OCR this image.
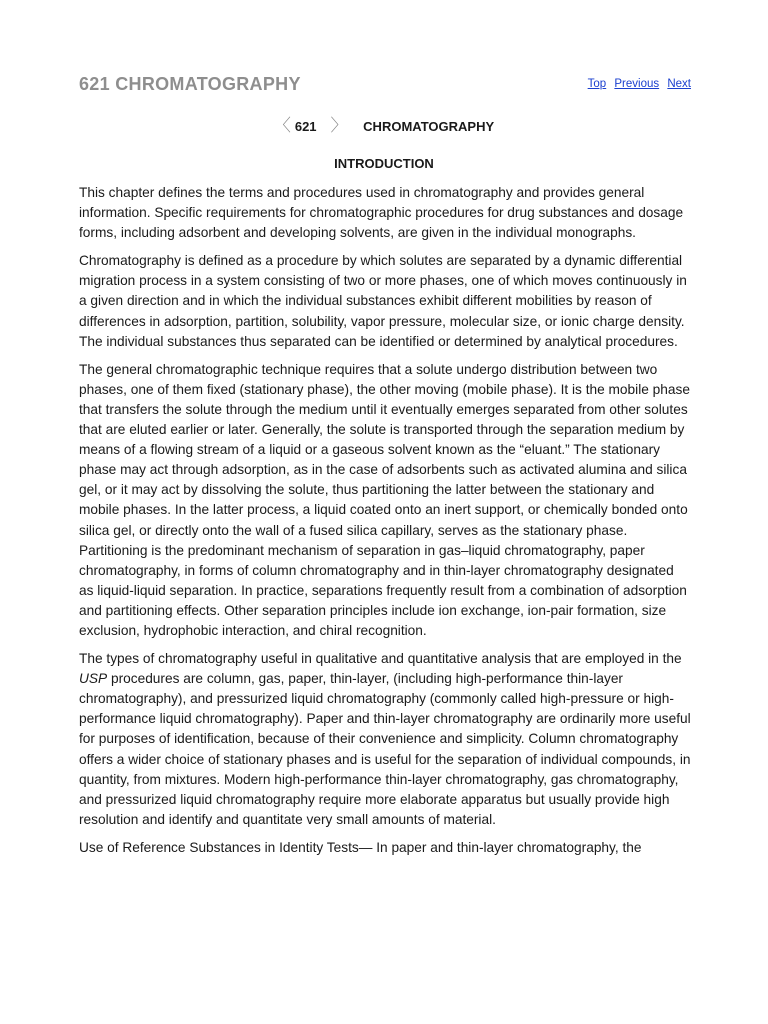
621 CHROMATOGRAPHY	Top Previous Next
〈 621 〉 CHROMATOGRAPHY
INTRODUCTION

This chapter defines the terms and procedures used in chromatography and provides general information. Specific requirements for chromatographic procedures for drug substances and dosage forms, including adsorbent and developing solvents, are given in the individual monographs.

Chromatography is defined as a procedure by which solutes are separated by a dynamic differential migration process in a system consisting of two or more phases, one of which moves continuously in a given direction and in which the individual substances exhibit different mobilities by reason of differences in adsorption, partition, solubility, vapor pressure, molecular size, or ionic charge density. The individual substances thus separated can be identified or determined by analytical procedures.

The general chromatographic technique requires that a solute undergo distribution between two phases, one of them fixed (stationary phase), the other moving (mobile phase). It is the mobile phase that transfers the solute through the medium until it eventually emerges separated from other solutes that are eluted earlier or later. Generally, the solute is transported through the separation medium by means of a flowing stream of a liquid or a gaseous solvent known as the “eluant.” The stationary phase may act through adsorption, as in the case of adsorbents such as activated alumina and silica gel, or it may act by dissolving the solute, thus partitioning the latter between the stationary and mobile phases. In the latter process, a liquid coated onto an inert support, or chemically bonded onto silica gel, or directly onto the wall of a fused silica capillary, serves as the stationary phase. Partitioning is the predominant mechanism of separation in gas–liquid chromatography, paper chromatography, in forms of column chromatography and in thin-layer chromatography designated as liquid-liquid separation. In practice, separations frequently result from a combination of adsorption and partitioning effects. Other separation principles include ion exchange, ion-pair formation, size exclusion, hydrophobic interaction, and chiral recognition.

The types of chromatography useful in qualitative and quantitative analysis that are employed in the USP procedures are column, gas, paper, thin-layer, (including high-performance thin-layer chromatography), and pressurized liquid chromatography (commonly called high-pressure or high-performance liquid chromatography). Paper and thin-layer chromatography are ordinarily more useful for purposes of identification, because of their convenience and simplicity. Column chromatography offers a wider choice of stationary phases and is useful for the separation of individual compounds, in quantity, from mixtures. Modern high-performance thin-layer chromatography, gas chromatography, and pressurized liquid chromatography require more elaborate apparatus but usually provide high resolution and identify and quantitate very small amounts of material.

Use of Reference Substances in Identity Tests— In paper and thin-layer chromatography, the
